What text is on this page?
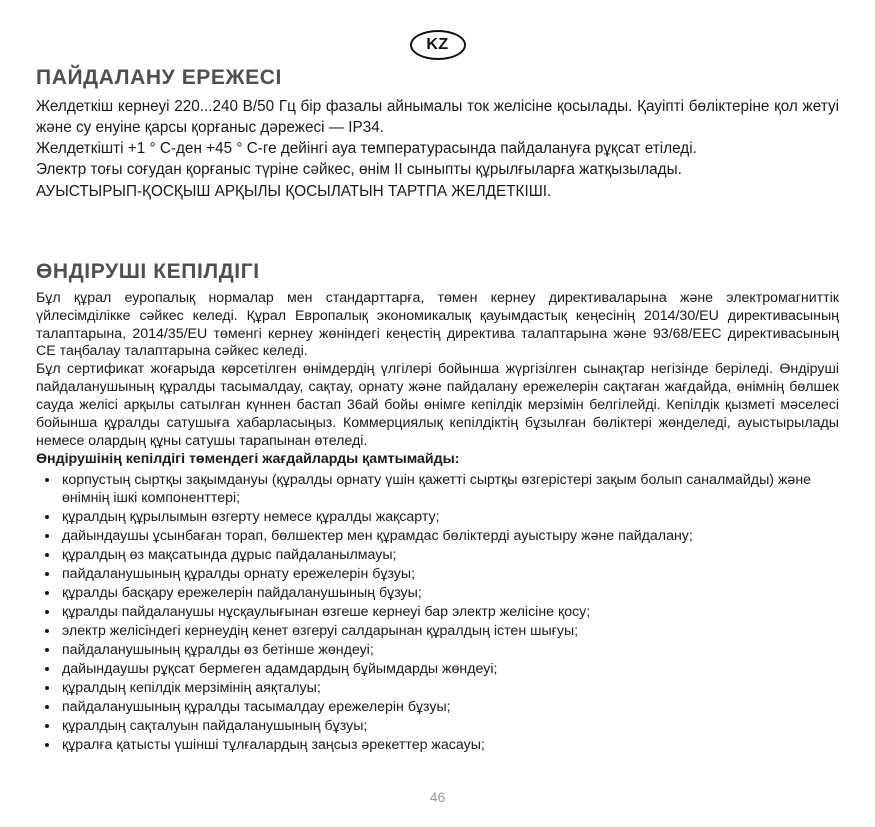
KZ
ПАЙДАЛАНУ ЕРЕЖЕСІ

Желдеткіш кернеуі 220...240 В/50 Гц бір фазалы айнымалы ток желісіне қосылады. Қауіпті бөліктеріне қол жетуі және су енуіне қарсы қорғаныс дәрежесі — IP34.

Желдеткішті +1 ° С-ден +45 ° С-ге дейінгі ауа температурасында пайдалануға рұқсат етіледі.

Электр тоғы соғудан қорғаныс түріне сәйкес, өнім ІІ сыныпты құрылғыларға жатқызылады.

АУЫСТЫРЫП-ҚОСҚЫШ АРҚЫЛЫ ҚОСЫЛАТЫН ТАРТПА ЖЕЛДЕТКІШІ.

ӨНДІРУШІ КЕПІЛДІГІ

Бұл құрал еуропалық нормалар мен стандарттарға, төмен кернеу директиваларына және электромагниттік үйлесімділікке сәйкес келеді. Құрал Европалық экономикалық қауымдастық кеңесінің 2014/30/EU директивасының талаптарына, 2014/35/EU төменгі кернеу жөніндегі кеңестің директива талаптарына және 93/68/EEC директивасының СЕ таңбалау талаптарына сәйкес келеді.

Бұл сертификат жоғарыда көрсетілген өнімдердің үлгілері бойынша жүргізілген сынақтар негізінде беріледі. Өндіруші пайдаланушының құралды тасымалдау, сақтау, орнату және пайдалану ережелерін сақтаған жағдайда, өнімнің бөлшек сауда желісі арқылы сатылған күннен бастап 36ай бойы өнімге кепілдік мерзімін белгілейді. Кепілдік қызметі мәселесі бойынша құралды сатушыға хабарласыңыз. Коммерциялық кепілдіктің бұзылған бөліктері жөнделеді, ауыстырылады немесе олардың құны сатушы тарапынан өтеледі.

Өндірушінің кепілдігі төмендегі жағдайларды қамтымайды:

• корпустың сыртқы зақымдануы (құралды орнату үшін қажетті сыртқы өзгерістері зақым болып саналмайды) және өнімнің ішкі компоненттері;
• құралдың құрылымын өзгерту немесе құралды жақсарту;
• дайындаушы ұсынбаған торап, бөлшектер мен құрамдас бөліктерді ауыстыру және пайдалану;
• құралдың өз мақсатында дұрыс пайдаланылмауы;
• пайдаланушының құралды орнату ережелерін бұзуы;
• құралды басқару ережелерін пайдаланушының бұзуы;
• құралды пайдаланушы нұсқаулығынан өзгеше кернеуі бар электр желісіне қосу;
• электр желісіндегі кернеудің кенет өзгеруі салдарынан құралдың істен шығуы;
• пайдаланушының құралды өз бетінше жөндеуі;
• дайындаушы рұқсат бермеген адамдардың бұйымдарды жөндеуі;
• құралдың кепілдік мерзімінің аяқталуы;
• пайдаланушының құралды тасымалдау ережелерін бұзуы;
• құралдың сақталуын пайдаланушының бұзуы;
• құралға қатысты үшінші тұлғалардың заңсыз әрекеттер жасауы;
46
